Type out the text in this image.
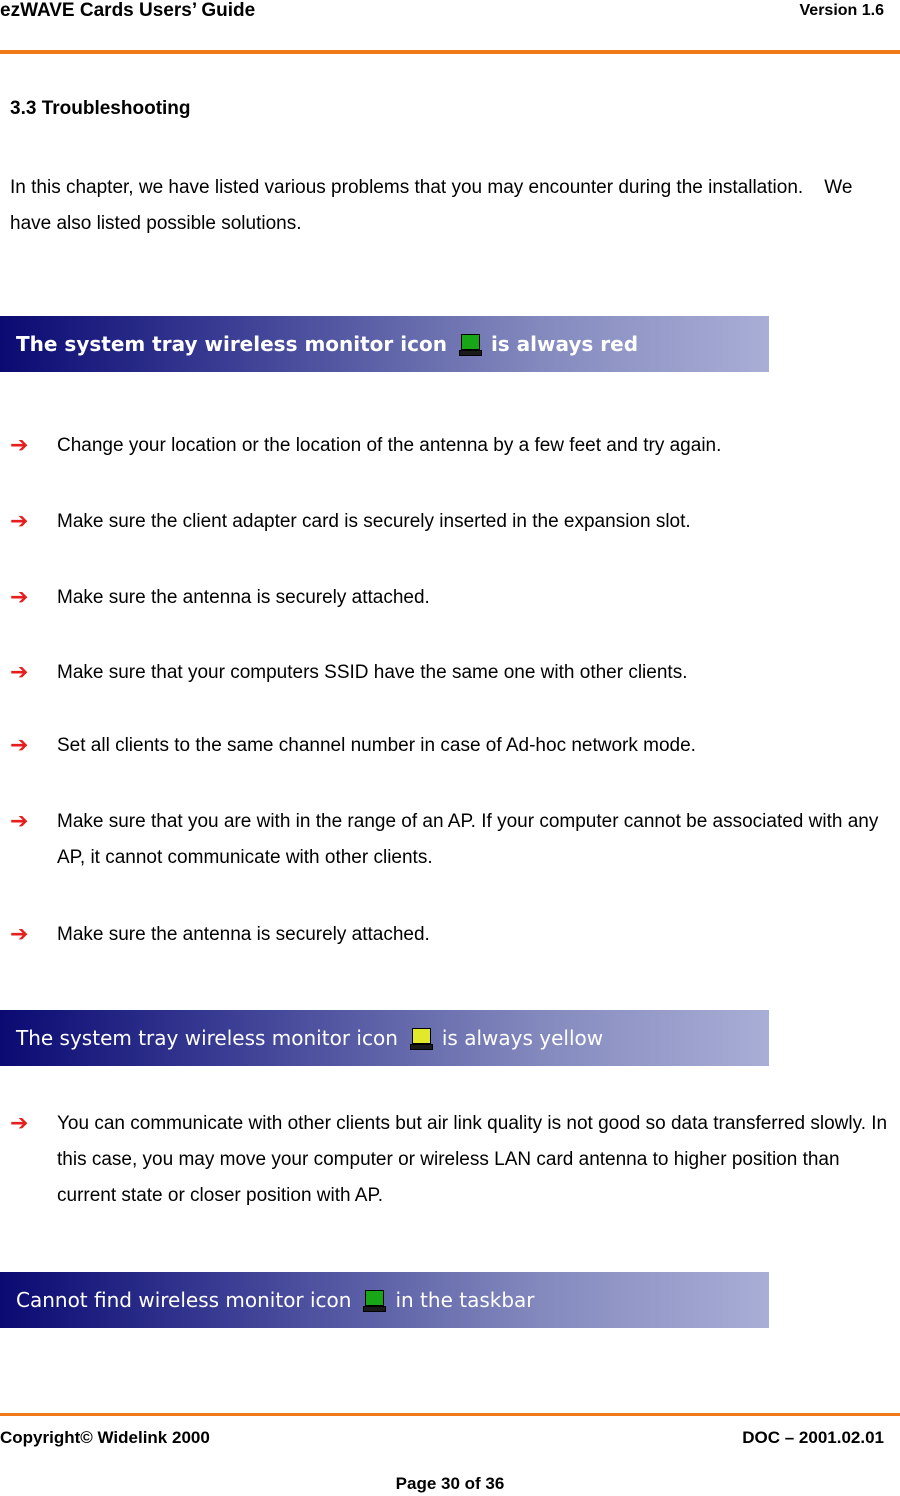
ezWAVE Cards Users’ Guide	Version 1.6
3.3 Troubleshooting
In this chapter, we have listed various problems that you may encounter during the installation.    We have also listed possible solutions.
The system tray wireless monitor icon is always red
➔ Change your location or the location of the antenna by a few feet and try again.
➔ Make sure the client adapter card is securely inserted in the expansion slot.
➔ Make sure the antenna is securely attached.
➔ Make sure that your computers SSID have the same one with other clients.
➔ Set all clients to the same channel number in case of Ad-hoc network mode.
➔ Make sure that you are with in the range of an AP. If your computer cannot be associated with any AP, it cannot communicate with other clients.
➔ Make sure the antenna is securely attached.
The system tray wireless monitor icon is always yellow
➔ You can communicate with other clients but air link quality is not good so data transferred slowly. In this case, you may move your computer or wireless LAN card antenna to higher position than current state or closer position with AP.
Cannot find wireless monitor icon in the taskbar
Copyright© Widelink 2000	DOC – 2001.02.01
Page 30 of 36
